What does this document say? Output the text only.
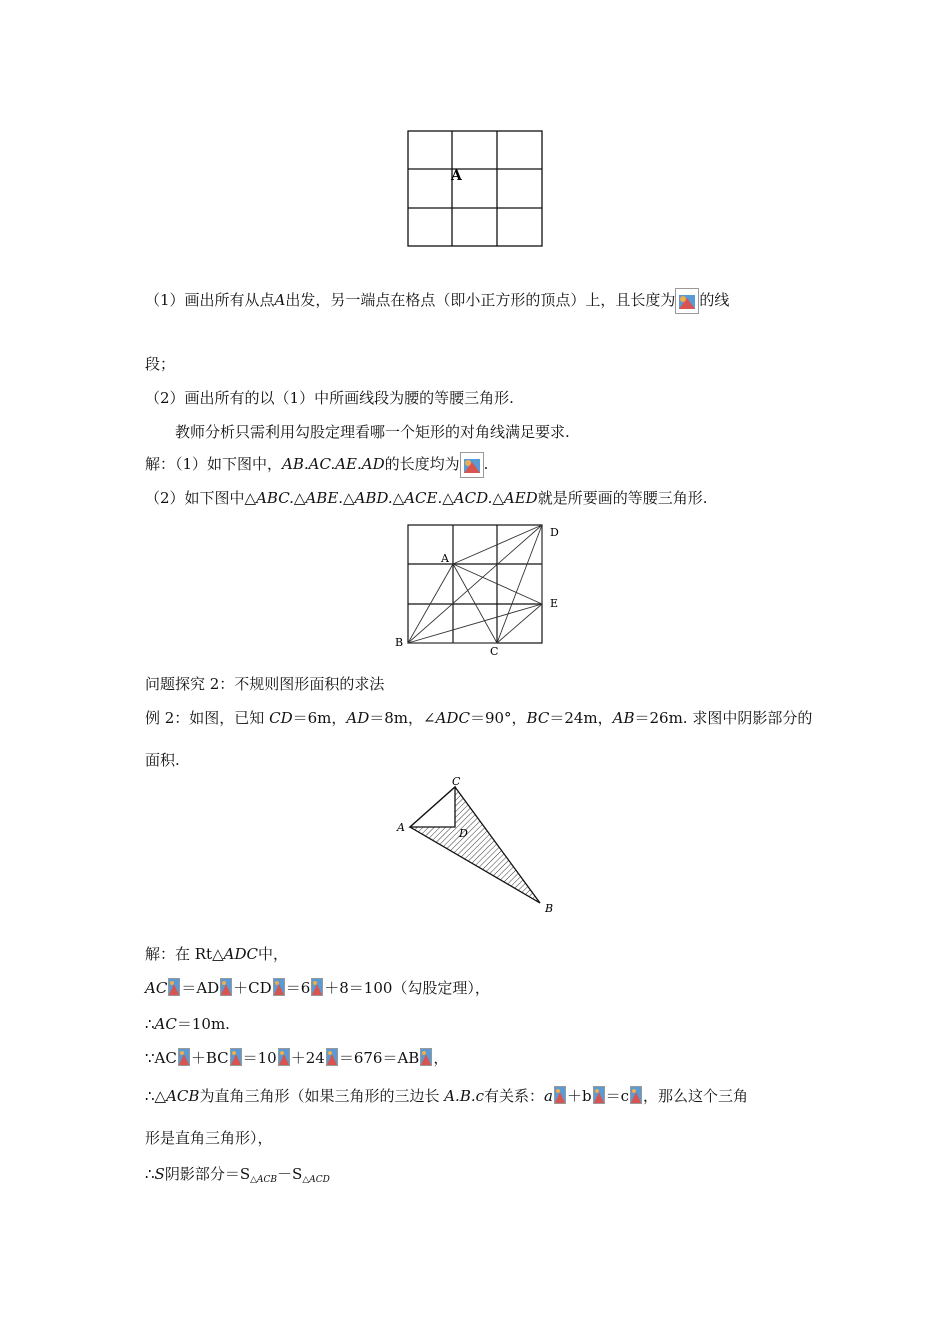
A
（1）画出所有从点A出发，另一端点在格点（即小正方形的顶点）上，且长度为 的线
段；
（2）画出所有的以（1）中所画线段为腰的等腰三角形.
教师分析只需利用勾股定理看哪一个矩形的对角线满足要求.
解：（1）如下图中，AB.AC.AE.AD的长度均为 .
（2）如下图中△ABC.△ABE.△ABD.△ACE.△ACD.△AED就是所要画的等腰三角形.
A
B
C
D
E
问题探究 2：不规则图形面积的求法
例 2：如图，已知 CD＝6m，AD＝8m，∠ADC＝90°，BC＝24m，AB＝26m. 求图中阴影部分的
面积.
A
B
C
D
解：在 Rt△ADC中，
AC ＝AD ＋CD ＝6 ＋8＝100（勾股定理），
∴AC＝10m.
∵AC ＋BC ＝10 ＋24 ＝676＝AB ，
∴△ACB为直角三角形（如果三角形的三边长 A.B.c有关系：a ＋b ＝c ，那么这个三角
形是直角三角形），
∴S阴影部分$=S_{\triangle ACB}-S_{\triangle ACD}$
